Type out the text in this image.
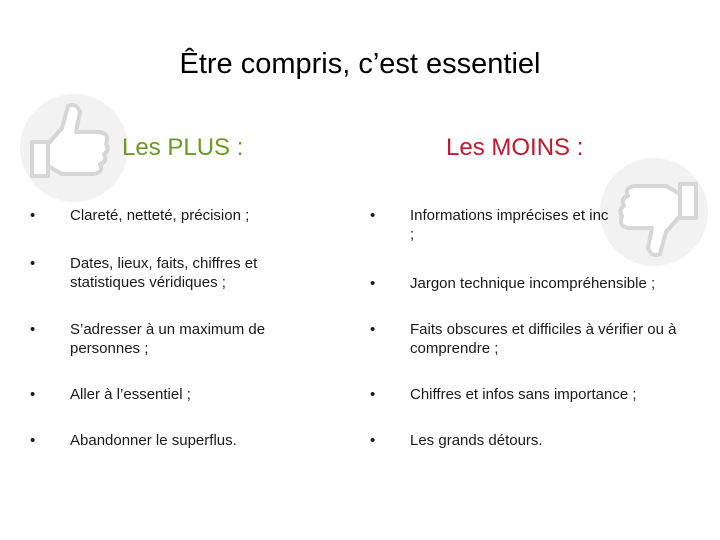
Être compris, c’est essentiel
Les PLUS :	Les MOINS :
• Clareté, netteté, précision ;
• Dates, lieux, faits, chiffres et statistiques véridiques ;
• S’adresser à un maximum de personnes ;
• Aller à l’essentiel ;
• Abandonner le superflus.
• Informations imprécises et inc
;
• Jargon technique incompréhensible ;
• Faits obscures et difficiles à vérifier ou à comprendre ;
• Chiffres et infos sans importance ;
• Les grands détours.
